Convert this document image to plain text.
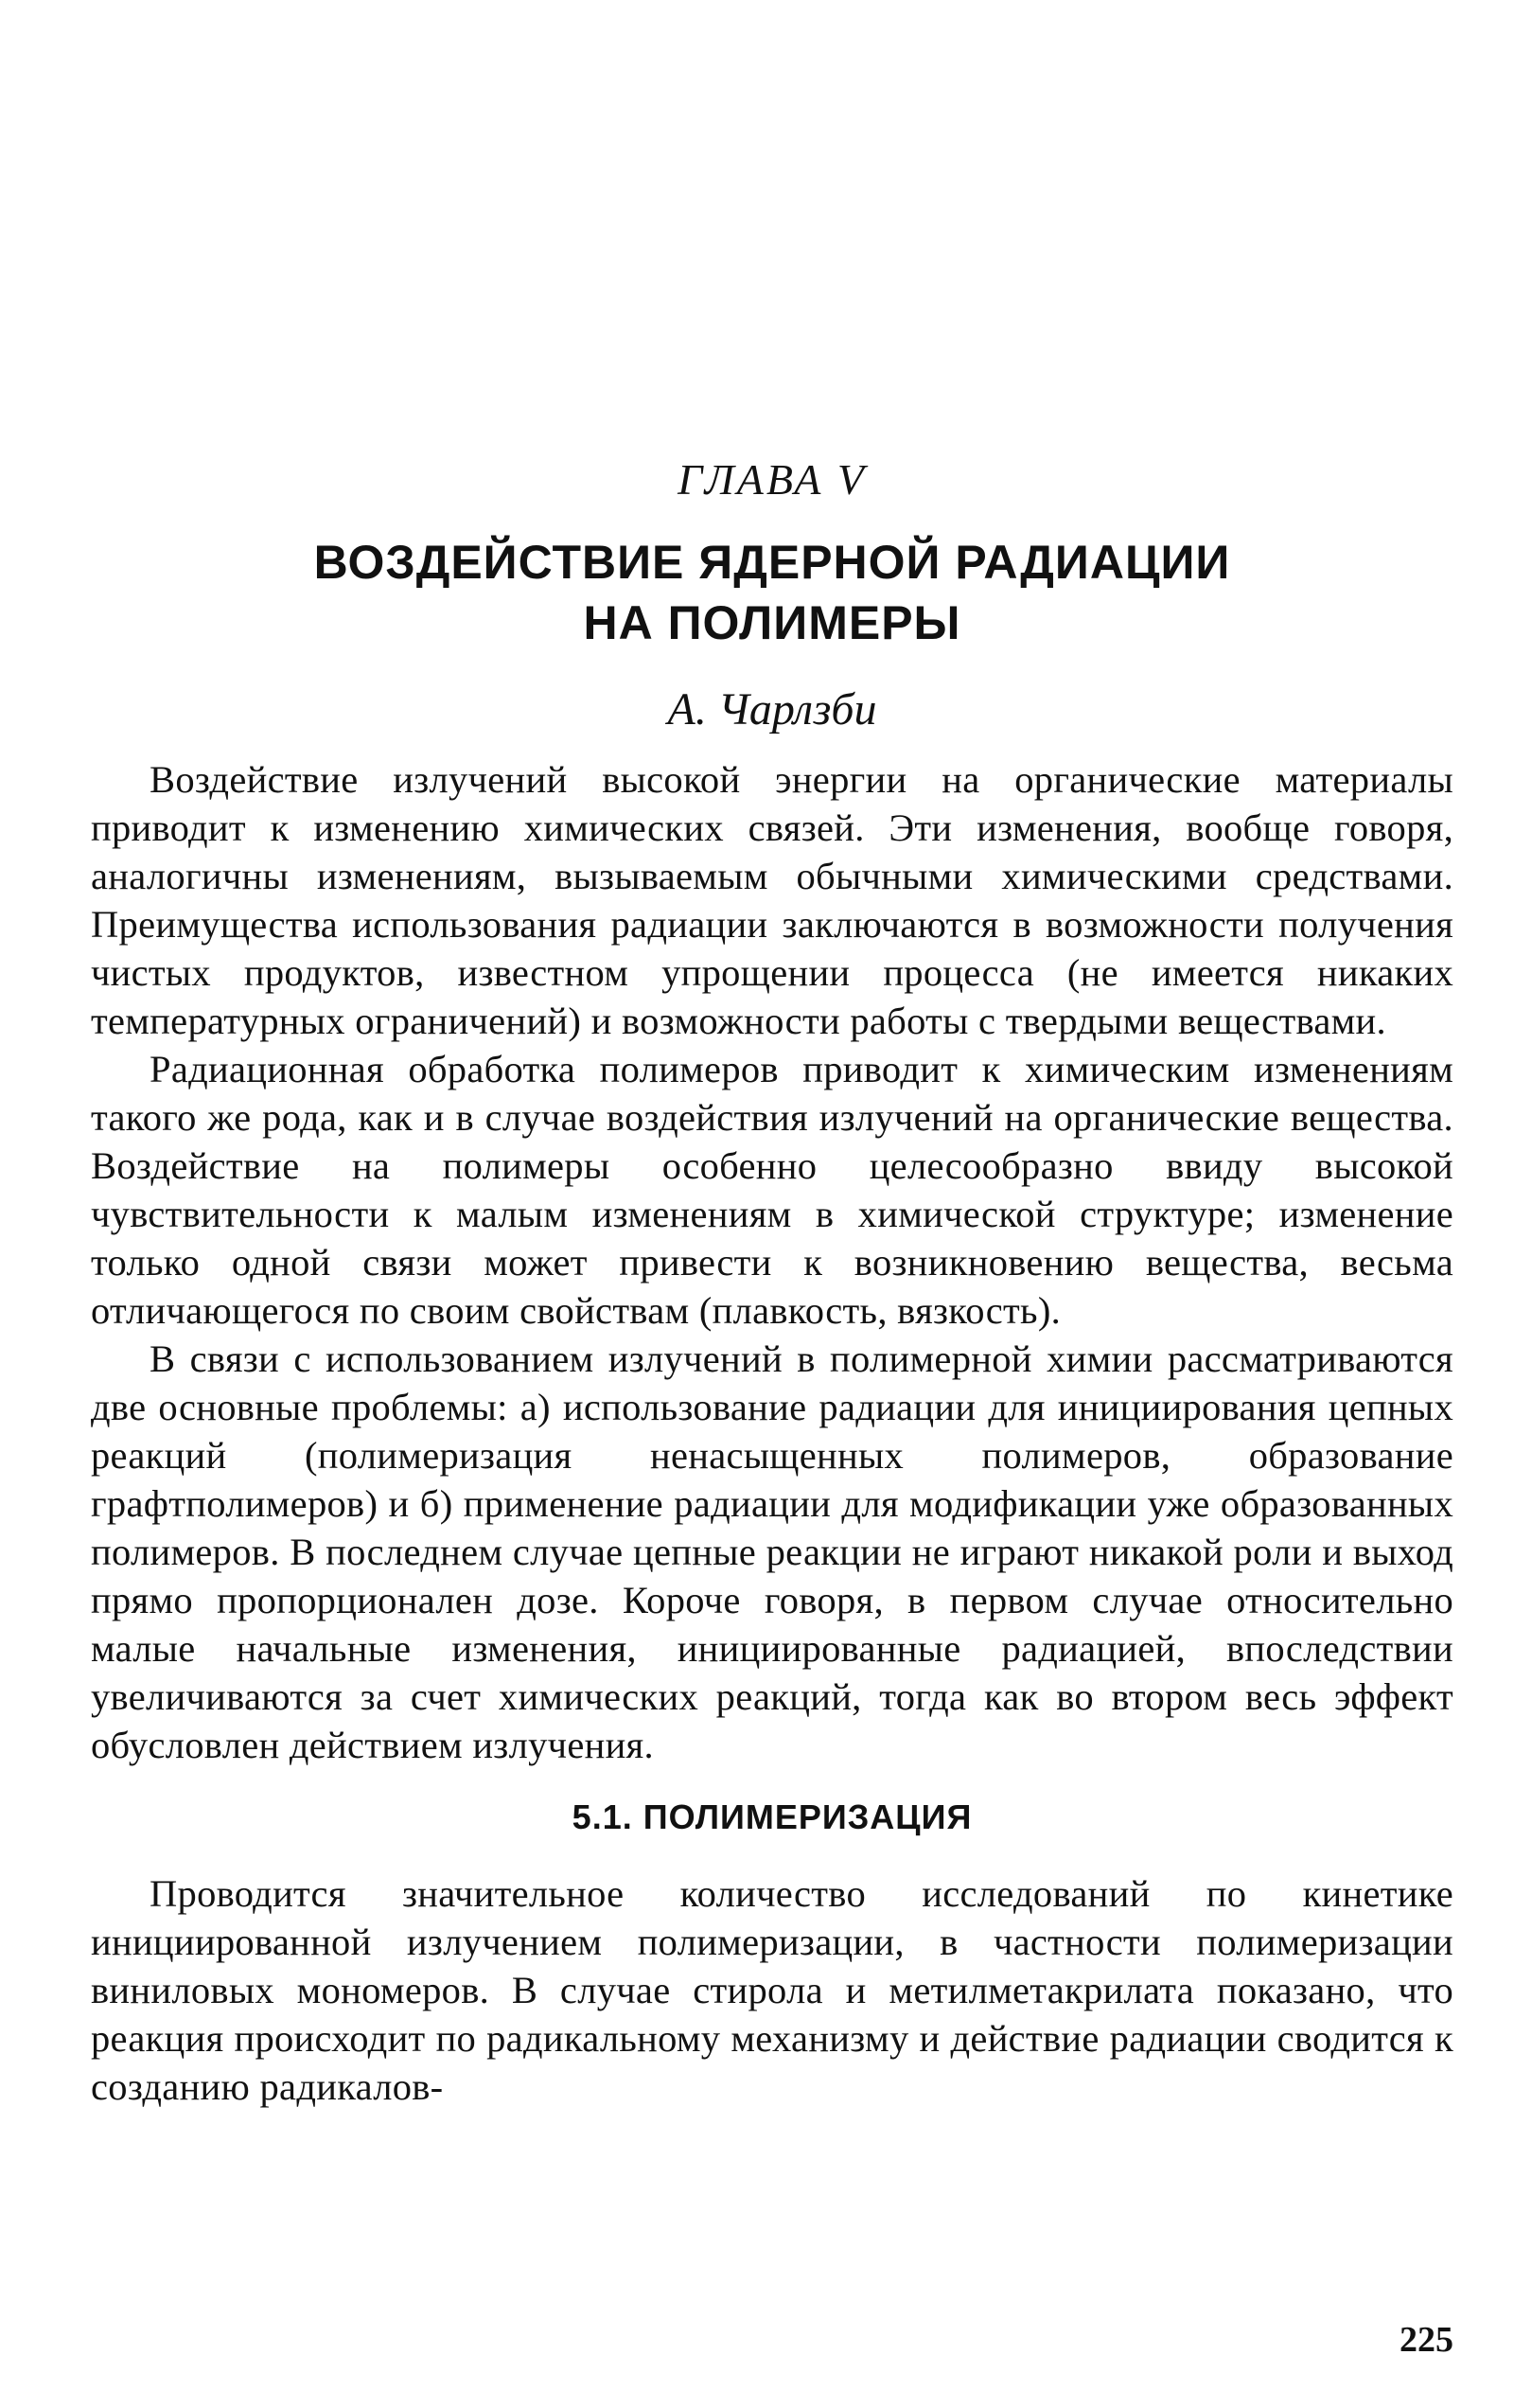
ГЛАВА V
ВОЗДЕЙСТВИЕ ЯДЕРНОЙ РАДИАЦИИ
НА ПОЛИМЕРЫ

А. Чарлзби

Воздействие излучений высокой энергии на органические материалы приводит к изменению химических связей. Эти изменения, вообще говоря, аналогичны изменениям, вызываемым обычными химическими средствами. Преимущества использования радиации заключаются в возможности получения чистых продуктов, известном упрощении процесса (не имеется никаких температурных ограничений) и возможности работы с твердыми веществами.

Радиационная обработка полимеров приводит к химическим изменениям такого же рода, как и в случае воздействия излучений на органические вещества. Воздействие на полимеры особенно целесообразно ввиду высокой чувствительности к малым изменениям в химической структуре; изменение только одной связи может привести к возникновению вещества, весьма отличающегося по своим свойствам (плавкость, вязкость).

В связи с использованием излучений в полимерной химии рассматриваются две основные проблемы: а) использование радиации для инициирования цепных реакций (полимеризация ненасыщенных полимеров, образование графтполимеров) и б) применение радиации для модификации уже образованных полимеров. В последнем случае цепные реакции не играют никакой роли и выход прямо пропорционален дозе. Короче говоря, в первом случае относительно малые начальные изменения, инициированные радиацией, впоследствии увеличиваются за счет химических реакций, тогда как во втором весь эффект обусловлен действием излучения.

5.1. ПОЛИМЕРИЗАЦИЯ

Проводится значительное количество исследований по кинетике инициированной излучением полимеризации, в частности полимеризации виниловых мономеров. В случае стирола и метилметакрилата показано, что реакция происходит по радикальному механизму и действие радиации сводится к созданию радикалов-

225
